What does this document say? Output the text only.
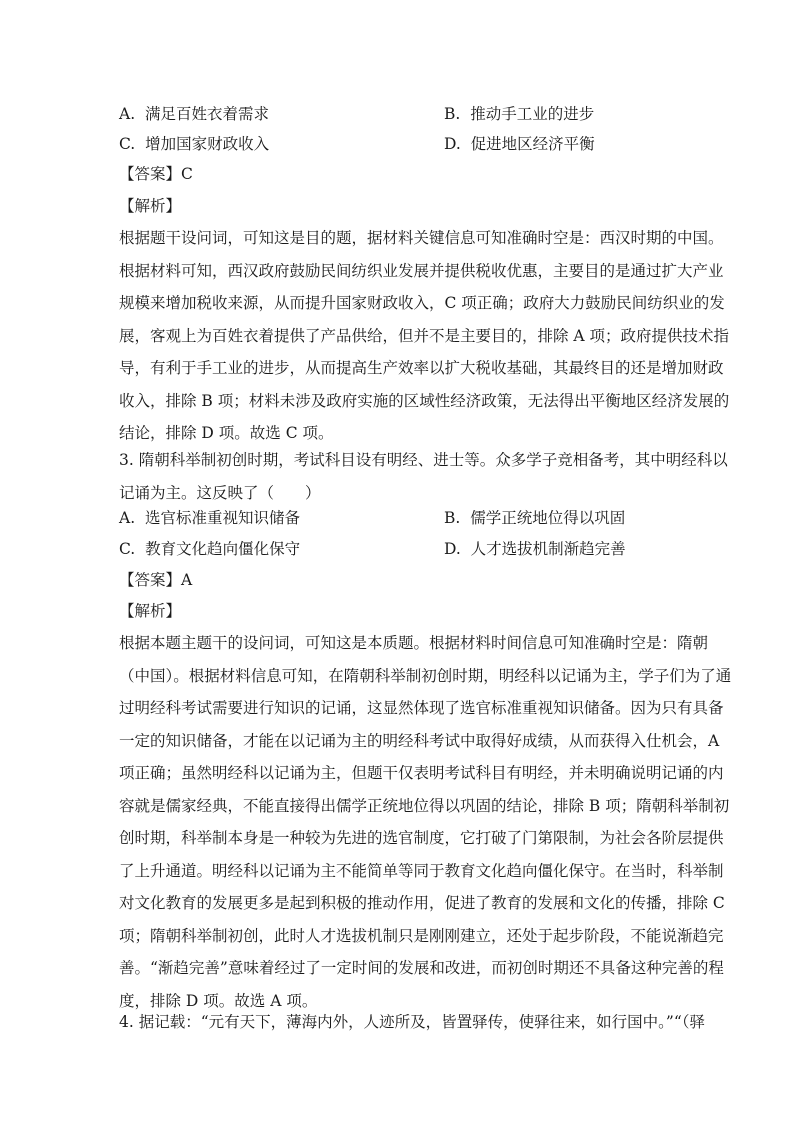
A. 满足百姓衣着需求	B. 推动手工业的进步
C. 增加国家财政收入	D. 促进地区经济平衡
【答案】C
【解析】
根据题干设问词，可知这是目的题，据材料关键信息可知准确时空是：西汉时期的中国。
根据材料可知，西汉政府鼓励民间纺织业发展并提供税收优惠，主要目的是通过扩大产业
规模来增加税收来源，从而提升国家财政收入，C 项正确；政府大力鼓励民间纺织业的发
展，客观上为百姓衣着提供了产品供给，但并不是主要目的，排除 A 项；政府提供技术指
导，有利于手工业的进步，从而提高生产效率以扩大税收基础，其最终目的还是增加财政
收入，排除 B 项；材料未涉及政府实施的区域性经济政策，无法得出平衡地区经济发展的
结论，排除 D 项。故选 C 项。
3. 隋朝科举制初创时期，考试科目设有明经、进士等。众多学子竞相备考，其中明经科以
记诵为主。这反映了（　　）
A. 选官标准重视知识储备	B. 儒学正统地位得以巩固
C. 教育文化趋向僵化保守	D. 人才选拔机制渐趋完善
【答案】A
【解析】
根据本题主题干的设问词，可知这是本质题。根据材料时间信息可知准确时空是：隋朝
（中国）。根据材料信息可知，在隋朝科举制初创时期，明经科以记诵为主，学子们为了通
过明经科考试需要进行知识的记诵，这显然体现了选官标准重视知识储备。因为只有具备
一定的知识储备，才能在以记诵为主的明经科考试中取得好成绩，从而获得入仕机会，A
项正确；虽然明经科以记诵为主，但题干仅表明考试科目有明经，并未明确说明记诵的内
容就是儒家经典，不能直接得出儒学正统地位得以巩固的结论，排除 B 项；隋朝科举制初
创时期，科举制本身是一种较为先进的选官制度，它打破了门第限制，为社会各阶层提供
了上升通道。明经科以记诵为主不能简单等同于教育文化趋向僵化保守。在当时，科举制
对文化教育的发展更多是起到积极的推动作用，促进了教育的发展和文化的传播，排除 C
项；隋朝科举制初创，此时人才选拔机制只是刚刚建立，还处于起步阶段，不能说渐趋完
善。“渐趋完善”意味着经过了一定时间的发展和改进，而初创时期还不具备这种完善的程
度，排除 D 项。故选 A 项。
4. 据记载：“元有天下，薄海内外，人迹所及，皆置驿传，使驿往来，如行国中。”“（驿
